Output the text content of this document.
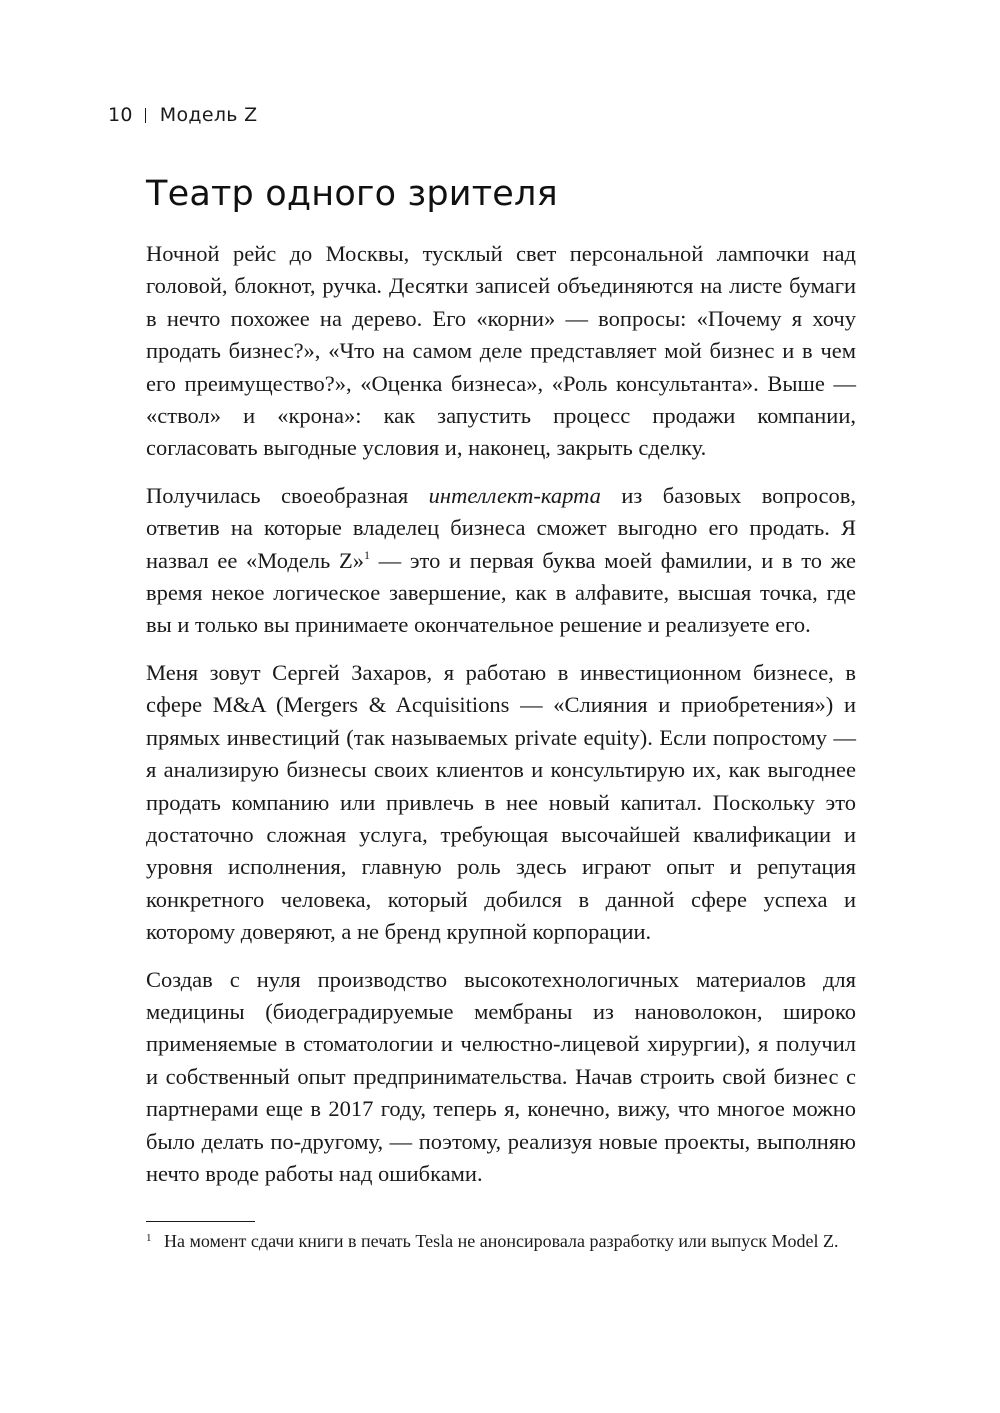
10 Модель Z
Театр одного зрителя

Ночной рейс до Москвы, тусклый свет персональной лампочки над головой, блокнот, ручка. Десятки записей объединяются на листе бумаги в нечто похожее на дерево. Его «корни» — вопросы: «Почему я хочу продать бизнес?», «Что на самом деле представляет мой бизнес и в чем его преимущество?», «Оценка бизнеса», «Роль консультанта». Выше — «ствол» и «крона»: как запустить процесс продажи компании, согласовать выгодные условия и, наконец, закрыть сделку.

Получилась своеобразная интеллект-карта из базовых вопросов, ответив на которые владелец бизнеса сможет выгодно его продать. Я назвал ее «Модель Z»$^1$ — это и первая буква моей фамилии, и в то же время некое логическое завершение, как в алфавите, высшая точка, где вы и только вы принимаете окончательное решение и реализуете его.

Меня зовут Сергей Захаров, я работаю в инвестиционном бизнесе, в сфере M&A (Mergers & Acquisitions — «Слияния и приобретения») и прямых инвестиций (так называемых private equity). Если попростому — я анализирую бизнесы своих клиентов и консультирую их, как выгоднее продать компанию или привлечь в нее новый капитал. Поскольку это достаточно сложная услуга, требующая высочайшей квалификации и уровня исполнения, главную роль здесь играют опыт и репутация конкретного человека, который добился в данной сфере успеха и которому доверяют, а не бренд крупной корпорации.

Создав с нуля производство высокотехнологичных материалов для медицины (биодеградируемые мембраны из нановолокон, широко применяемые в стоматологии и челюстно-лицевой хирургии), я получил и собственный опыт предпринимательства. Начав строить свой бизнес с партнерами еще в 2017 году, теперь я, конечно, вижу, что многое можно было делать по-другому, — поэтому, реализуя новые проекты, выполняю нечто вроде работы над ошибками.

1 На момент сдачи книги в печать Tesla не анонсировала разработку или выпуск Model Z.
